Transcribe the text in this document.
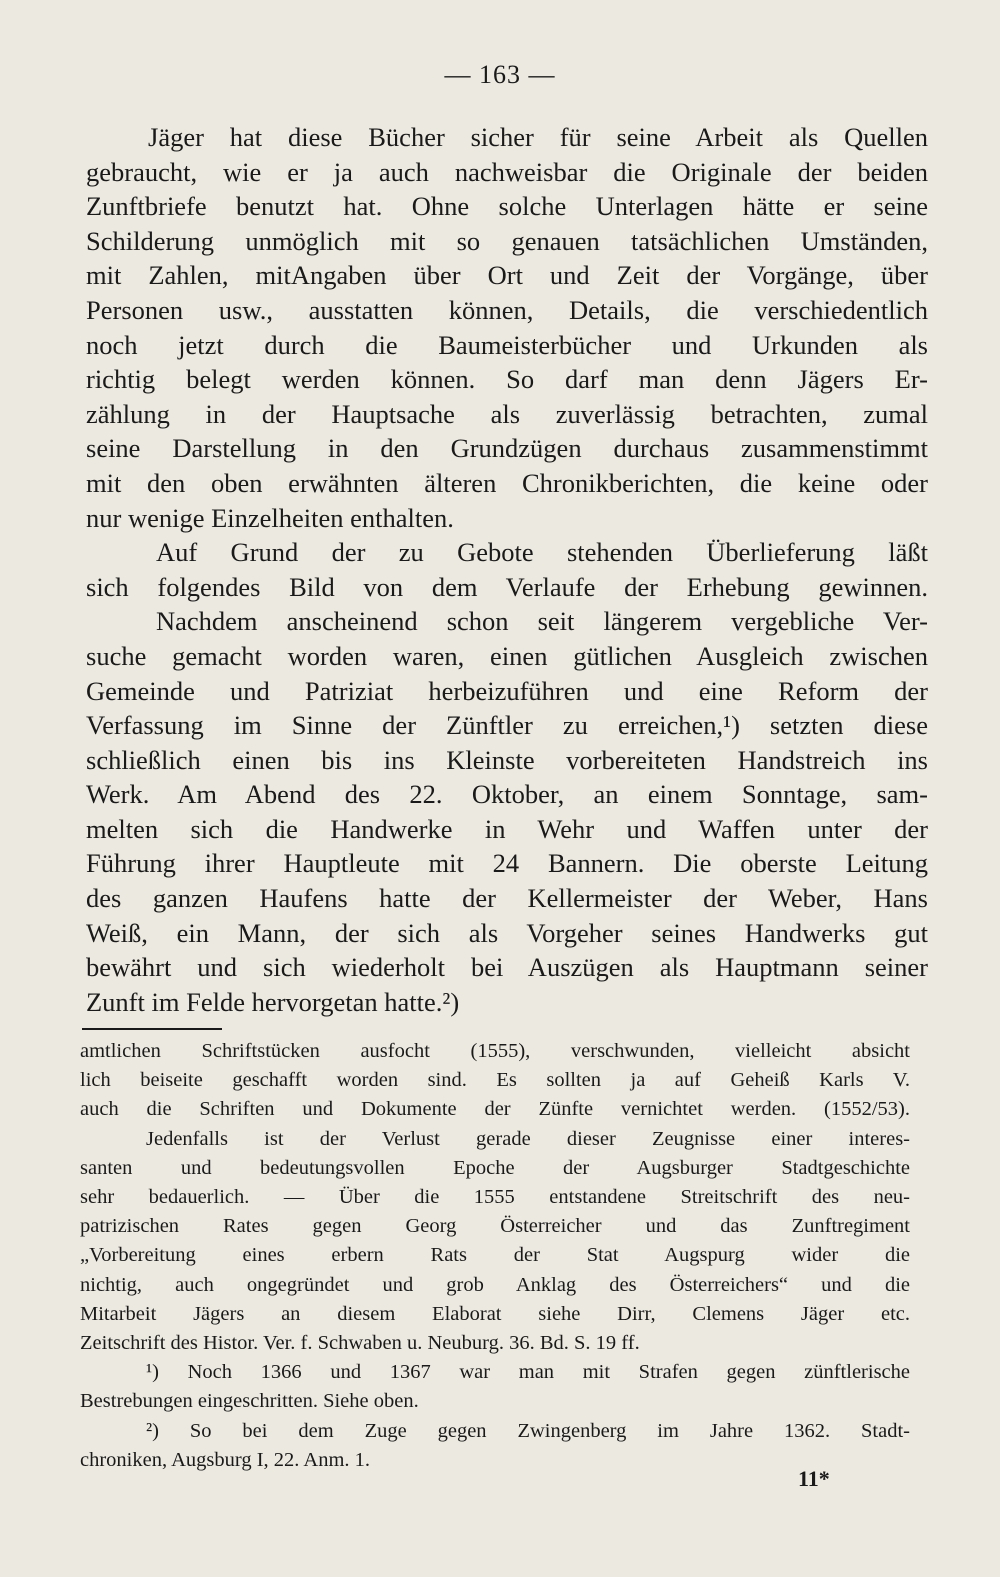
— 163 —
Jäger hat diese Bücher sicher für seine Arbeit als Quellen
gebraucht, wie er ja auch nachweisbar die Originale der beiden
Zunftbriefe benutzt hat. Ohne solche Unterlagen hätte er seine
Schilderung unmöglich mit so genauen tatsächlichen Umständen,
mit Zahlen, mitAngaben über Ort und Zeit der Vorgänge, über
Personen usw., ausstatten können, Details, die verschiedentlich
noch jetzt durch die Baumeisterbücher und Urkunden als
richtig belegt werden können. So darf man denn Jägers Er-
zählung in der Hauptsache als zuverlässig betrachten, zumal
seine Darstellung in den Grundzügen durchaus zusammenstimmt
mit den oben erwähnten älteren Chronikberichten, die keine oder
nur wenige Einzelheiten enthalten.
Auf Grund der zu Gebote stehenden Überlieferung läßt
sich folgendes Bild von dem Verlaufe der Erhebung gewinnen.
Nachdem anscheinend schon seit längerem vergebliche Ver-
suche gemacht worden waren, einen gütlichen Ausgleich zwischen
Gemeinde und Patriziat herbeizuführen und eine Reform der
Verfassung im Sinne der Zünftler zu erreichen,¹) setzten diese
schließlich einen bis ins Kleinste vorbereiteten Handstreich ins
Werk. Am Abend des 22. Oktober, an einem Sonntage, sam-
melten sich die Handwerke in Wehr und Waffen unter der
Führung ihrer Hauptleute mit 24 Bannern. Die oberste Leitung
des ganzen Haufens hatte der Kellermeister der Weber, Hans
Weiß, ein Mann, der sich als Vorgeher seines Handwerks gut
bewährt und sich wiederholt bei Auszügen als Hauptmann seiner
Zunft im Felde hervorgetan hatte.²)
amtlichen Schriftstücken ausfocht (1555), verschwunden, vielleicht absicht
lich beiseite geschafft worden sind. Es sollten ja auf Geheiß Karls V.
auch die Schriften und Dokumente der Zünfte vernichtet werden. (1552/53).
Jedenfalls ist der Verlust gerade dieser Zeugnisse einer interes-
santen und bedeutungsvollen Epoche der Augsburger Stadtgeschichte
sehr bedauerlich. — Über die 1555 entstandene Streitschrift des neu-
patrizischen Rates gegen Georg Österreicher und das Zunftregiment
„Vorbereitung eines erbern Rats der Stat Augspurg wider die
nichtig, auch ongegründet und grob Anklag des Österreichers“ und die
Mitarbeit Jägers an diesem Elaborat siehe Dirr, Clemens Jäger etc.
Zeitschrift des Histor. Ver. f. Schwaben u. Neuburg. 36. Bd. S. 19 ff.
¹) Noch 1366 und 1367 war man mit Strafen gegen zünftlerische
Bestrebungen eingeschritten. Siehe oben.
²) So bei dem Zuge gegen Zwingenberg im Jahre 1362. Stadt-
chroniken, Augsburg I, 22. Anm. 1.
11*
